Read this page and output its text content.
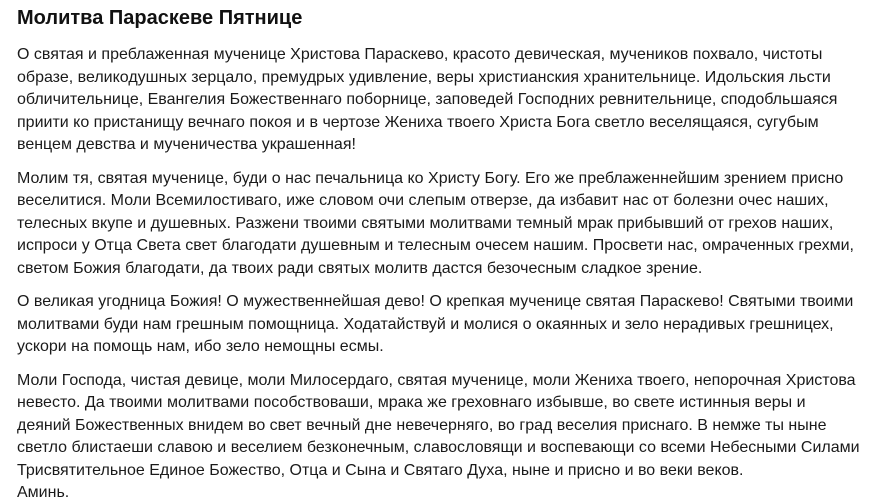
Молитва Параскеве Пятнице

О святая и преблаженная мученице Христова Параскево, красото девическая, мучеников похвало, чистоты образе, великодушных зерцало, премудрых удивление, веры христианския хранительнице. Идольския льсти обличительнице, Евангелия Божественнаго поборнице, заповедей Господних ревнительнице, сподобльшаяся приити ко пристанищу вечнаго покоя и в чертозе Жениха твоего Христа Бога светло веселящаяся, сугубым венцем девства и мученичества украшенная!

Молим тя, святая мученице, буди о нас печальница ко Христу Богу. Его же преблаженнейшим зрением присно веселитися. Моли Всемилостиваго, иже словом очи слепым отверзе, да избавит нас от болезни очес наших, телесных вкупе и душевных. Разжени твоими святыми молитвами темный мрак прибывший от грехов наших, испроси у Отца Света свет благодати душевным и телесным очесем нашим. Просвети нас, омраченных грехми, светом Божия благодати, да твоих ради святых молитв дастся безочесным сладкое зрение.

О великая угодница Божия! О мужественнейшая дево! О крепкая мученице святая Параскево! Святыми твоими молитвами буди нам грешным помощница. Ходатайствуй и молися о окаянных и зело нерадивых грешницех, ускори на помощь нам, ибо зело немощны есмы.

Моли Господа, чистая девице, моли Милосердаго, святая мученице, моли Жениха твоего, непорочная Христова невесто. Да твоими молитвами пособствоваши, мрака же греховнаго избывше, во свете истинныя веры и деяний Божественных внидем во свет вечный дне невечерняго, во град веселия приснаго. В немже ты ныне светло блистаеши славою и веселием безконечным, славословящи и воспевающи со всеми Небесными Силами Трисвятительное Единое Божество, Отца и Сына и Святаго Духа, ныне и присно и во веки веков.

Аминь.
